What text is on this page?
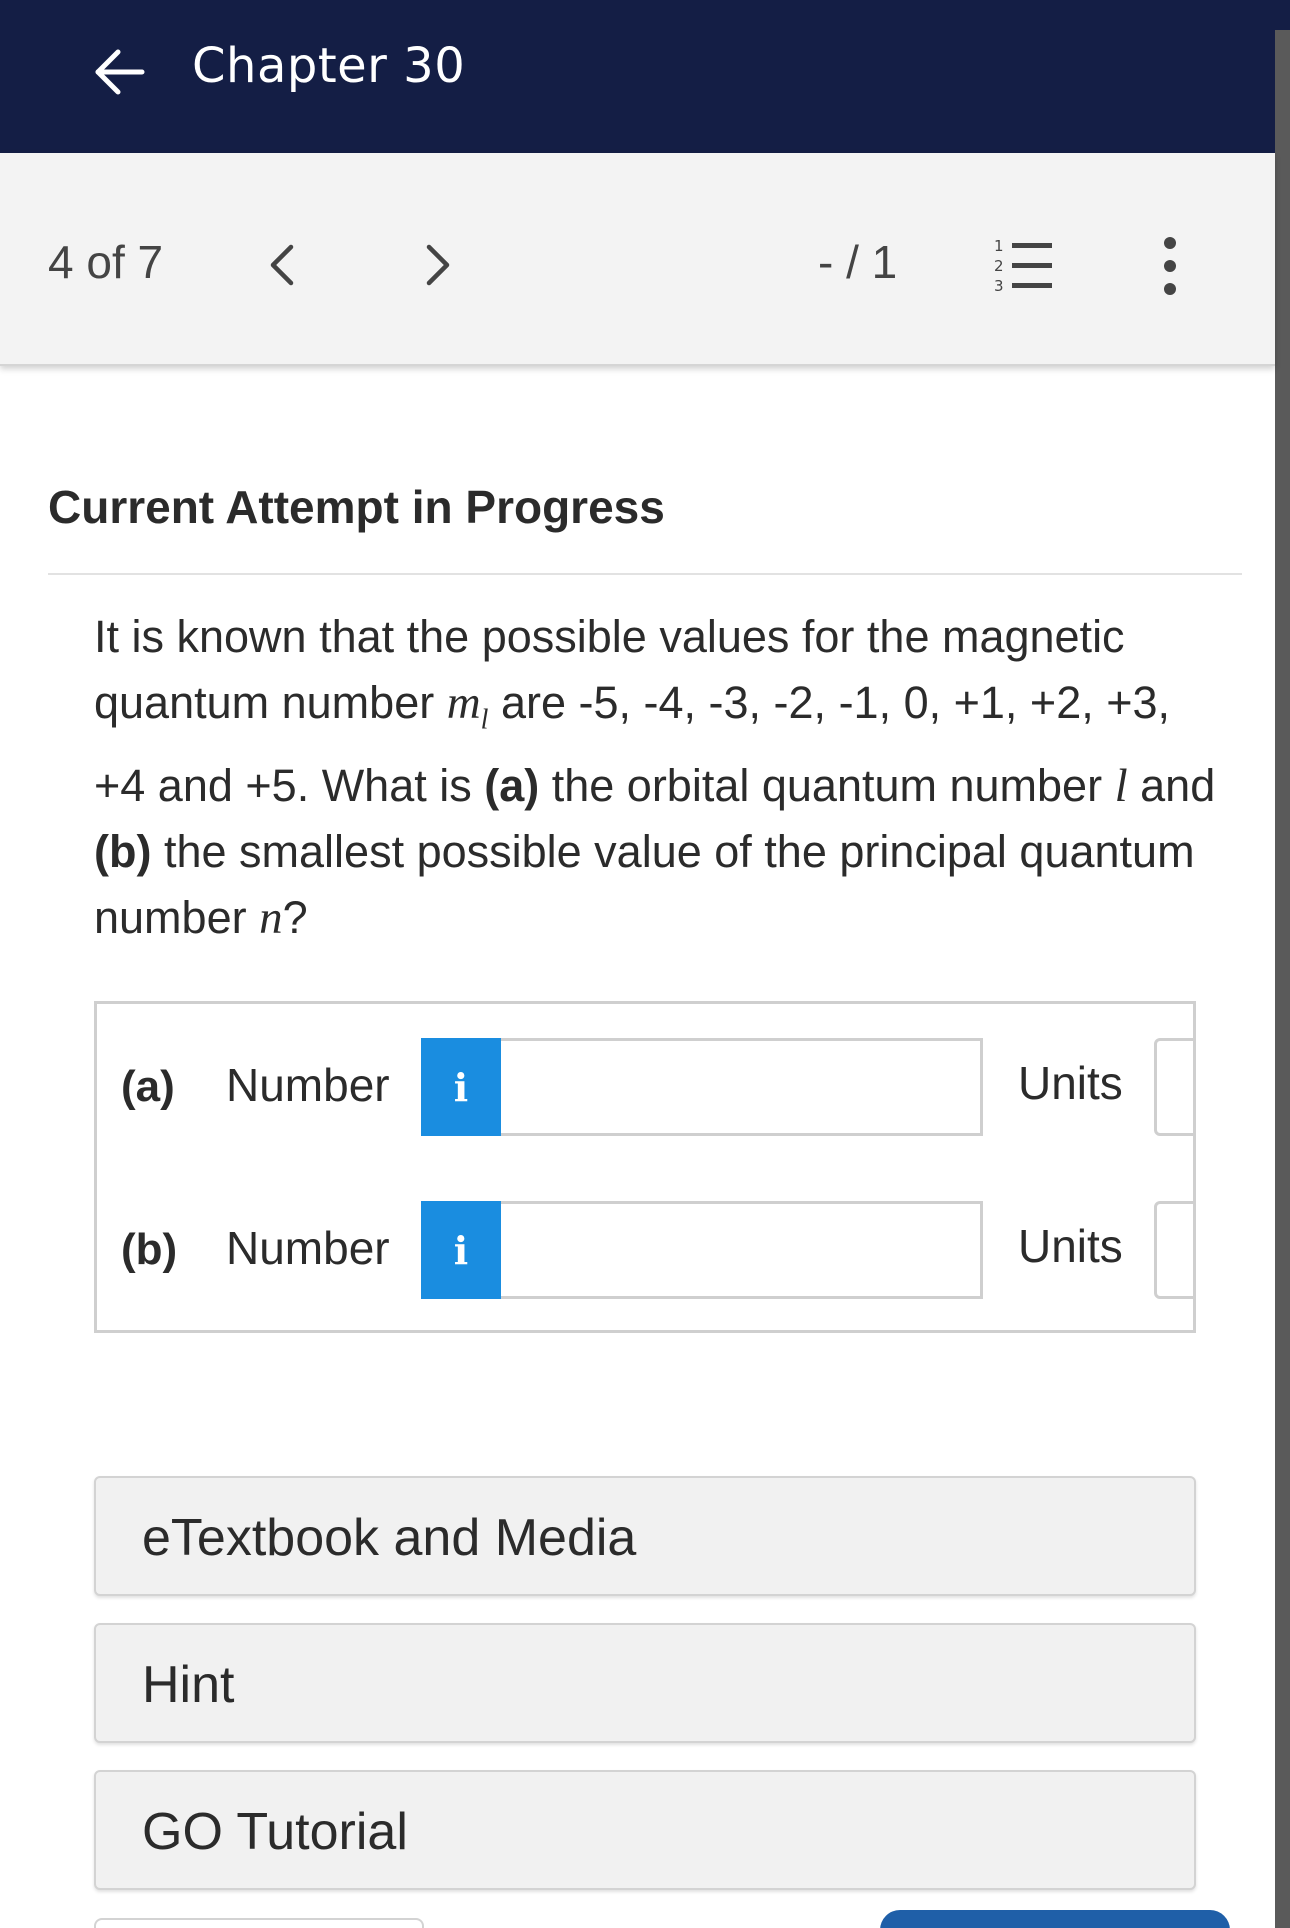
Chapter 30
4 of 7	- / 1	1
2
3
Current Attempt in Progress
It is known that the possible values for the magnetic quantum number $m_l$ are -5, -4, -3, -2, -1, 0, +1, +2, +3, +4 and +5. What is (a) the orbital quantum number l and (b) the smallest possible value of the principal quantum number n?
(a) Number i	Units
(b) Number i	Units
eTextbook and Media
Hint
GO Tutorial
